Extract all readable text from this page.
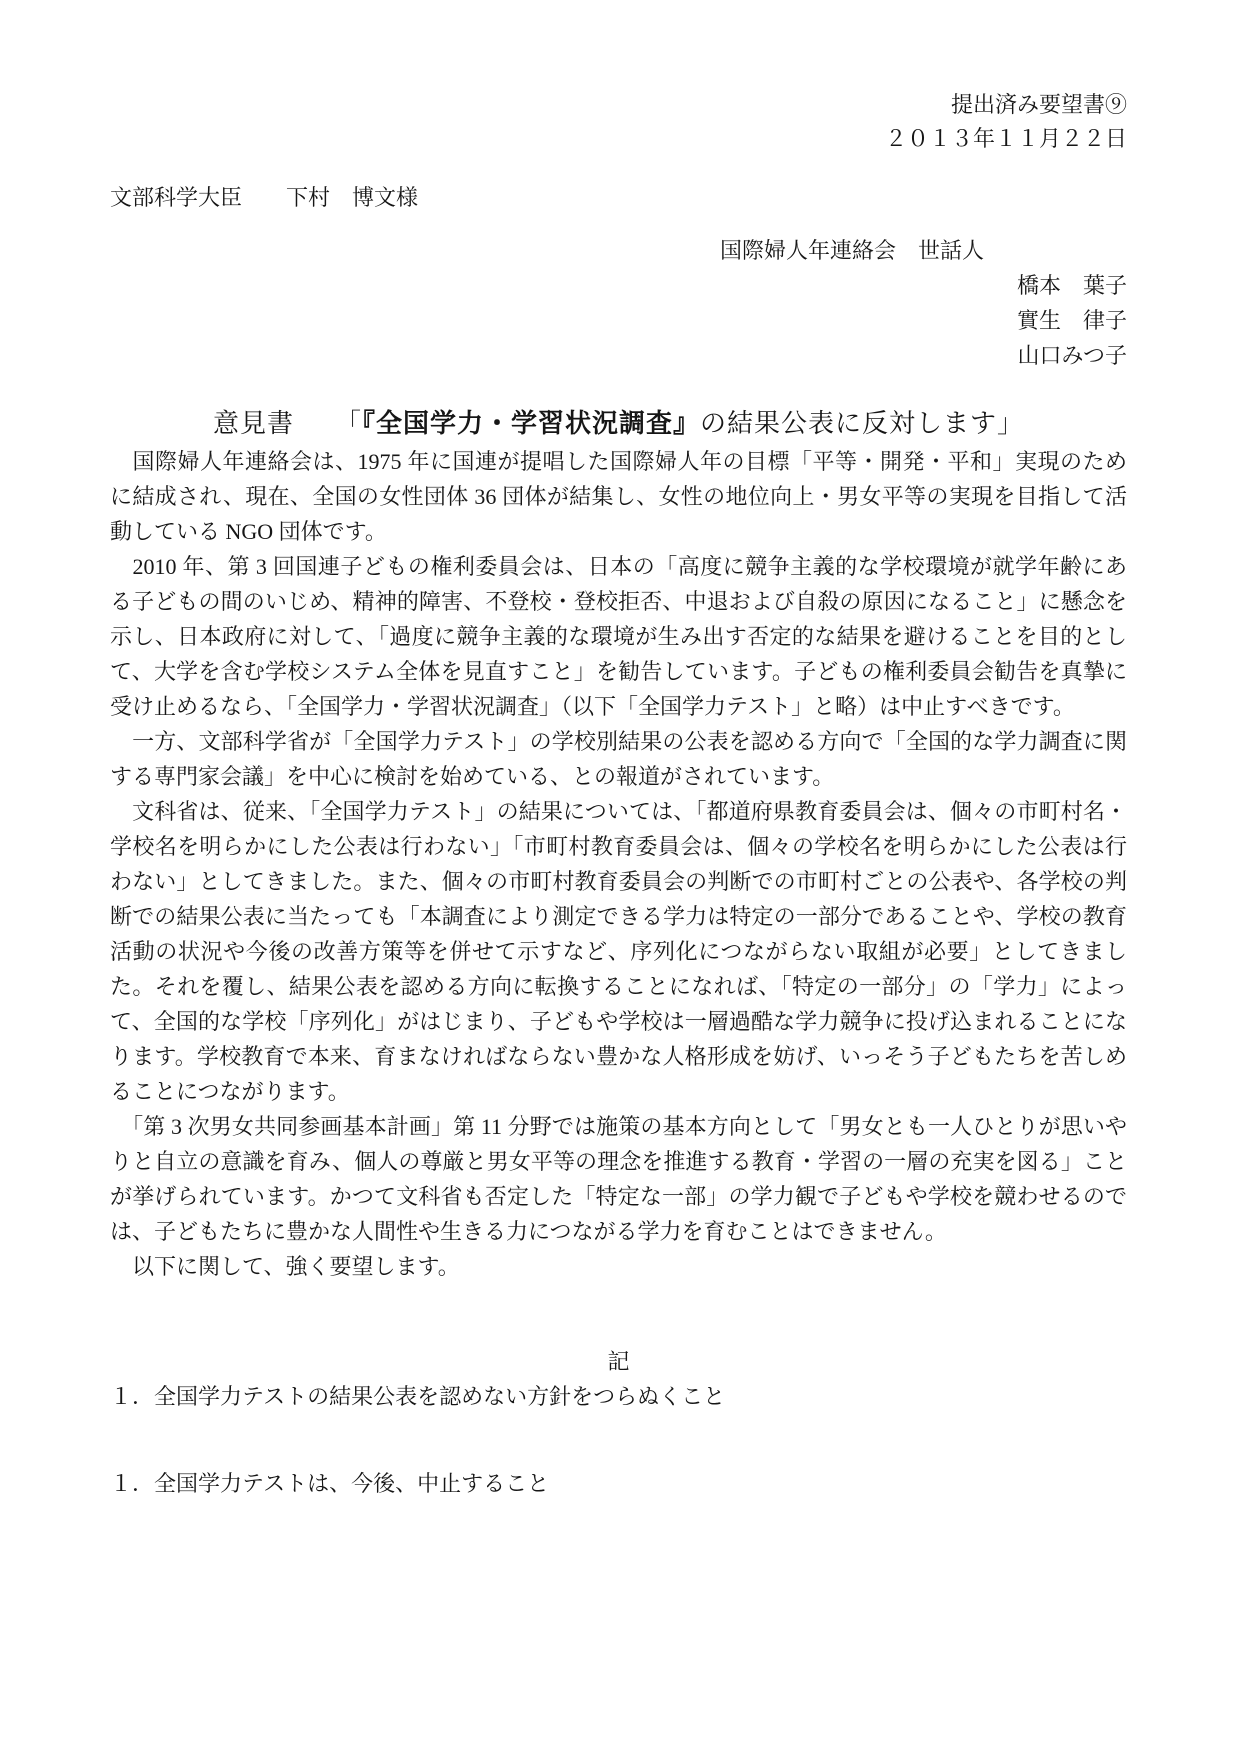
提出済み要望書⑨
２０１３年１１月２２日
文部科学大臣　　下村　博文様
国際婦人年連絡会　世話人
橋本　葉子
實生　律子
山口みつ子
意見書　　 「『全国学力・学習状況調査』の結果公表に反対します」

　国際婦人年連絡会は、1975 年に国連が提唱した国際婦人年の目標「平等・開発・平和」実現のために結成され、現在、全国の女性団体 36 団体が結集し、女性の地位向上・男女平等の実現を目指して活動している NGO 団体です。

　2010 年、第 3 回国連子どもの権利委員会は、日本の「高度に競争主義的な学校環境が就学年齢にある子どもの間のいじめ、精神的障害、不登校・登校拒否、中退および自殺の原因になること」に懸念を示し、日本政府に対して、「過度に競争主義的な環境が生み出す否定的な結果を避けることを目的として、大学を含む学校システム全体を見直すこと」を勧告しています。子どもの権利委員会勧告を真摯に受け止めるなら、「全国学力・学習状況調査」（以下「全国学力テスト」と略）は中止すべきです。

　一方、文部科学省が「全国学力テスト」の学校別結果の公表を認める方向で「全国的な学力調査に関する専門家会議」を中心に検討を始めている、との報道がされています。

　文科省は、従来、「全国学力テスト」の結果については、「都道府県教育委員会は、個々の市町村名・学校名を明らかにした公表は行わない」「市町村教育委員会は、個々の学校名を明らかにした公表は行わない」としてきました。また、個々の市町村教育委員会の判断での市町村ごとの公表や、各学校の判断での結果公表に当たっても「本調査により測定できる学力は特定の一部分であることや、学校の教育活動の状況や今後の改善方策等を併せて示すなど、序列化につながらない取組が必要」としてきました。それを覆し、結果公表を認める方向に転換することになれば、「特定の一部分」の「学力」によって、全国的な学校「序列化」がはじまり、子どもや学校は一層過酷な学力競争に投げ込まれることになります。学校教育で本来、育まなければならない豊かな人格形成を妨げ、いっそう子どもたちを苦しめることにつながります。

　「第 3 次男女共同参画基本計画」第 11 分野では施策の基本方向として「男女とも一人ひとりが思いやりと自立の意識を育み、個人の尊厳と男女平等の理念を推進する教育・学習の一層の充実を図る」ことが挙げられています。かつて文科省も否定した「特定な一部」の学力観で子どもや学校を競わせるのでは、子どもたちに豊かな人間性や生きる力につながる学力を育むことはできません。

　以下に関して、強く要望します。

記

１．全国学力テストの結果公表を認めない方針をつらぬくこと

１．全国学力テストは、今後、中止すること
